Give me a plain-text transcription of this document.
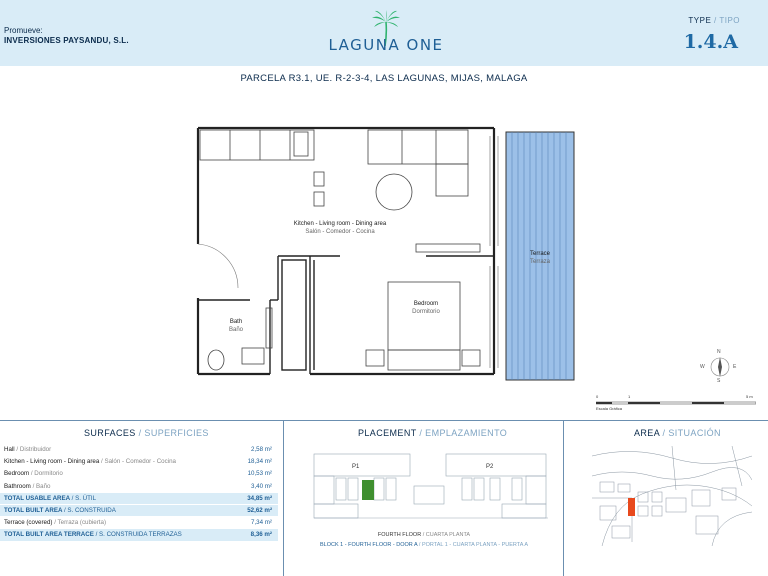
Promueve:
INVERSIONES PAYSANDU, S.L.	LAGUNA ONE
TYPE / TIPO
1.4.A
PARCELA R3.1, UE. R-2-3-4, LAS LAGUNAS, MIJAS, MALAGA
Kitchen - Living room - Dining area
Salón - Comedor - Cocina
Terrace
Terraza
Bedroom
Dormitorio
Bath
Baño
N
S
E
W
0	1	5 m
Escala Gráfica
SURFACES / SUPERFICIES
Hall / Distribuidor	2,58 m²
Kitchen - Living room - Dining area / Salón - Comedor - Cocina	18,34 m²
Bedroom / Dormitorio	10,53 m²
Bathroom / Baño	3,40 m²
TOTAL USABLE AREA / S. ÚTIL	34,85 m²
TOTAL BUILT AREA / S. CONSTRUIDA	52,62 m²
Terrace (covered) / Terraza (cubierta)	7,34 m²
TOTAL BUILT AREA TERRACE / S. CONSTRUIDA TERRAZAS	8,36 m²
PLACEMENT / EMPLAZAMIENTO
P1	P2
FOURTH FLOOR / CUARTA PLANTA
BLOCK 1 - FOURTH FLOOR - DOOR A / PORTAL 1 - CUARTA PLANTA - PUERTA A
AREA / SITUACIÓN
